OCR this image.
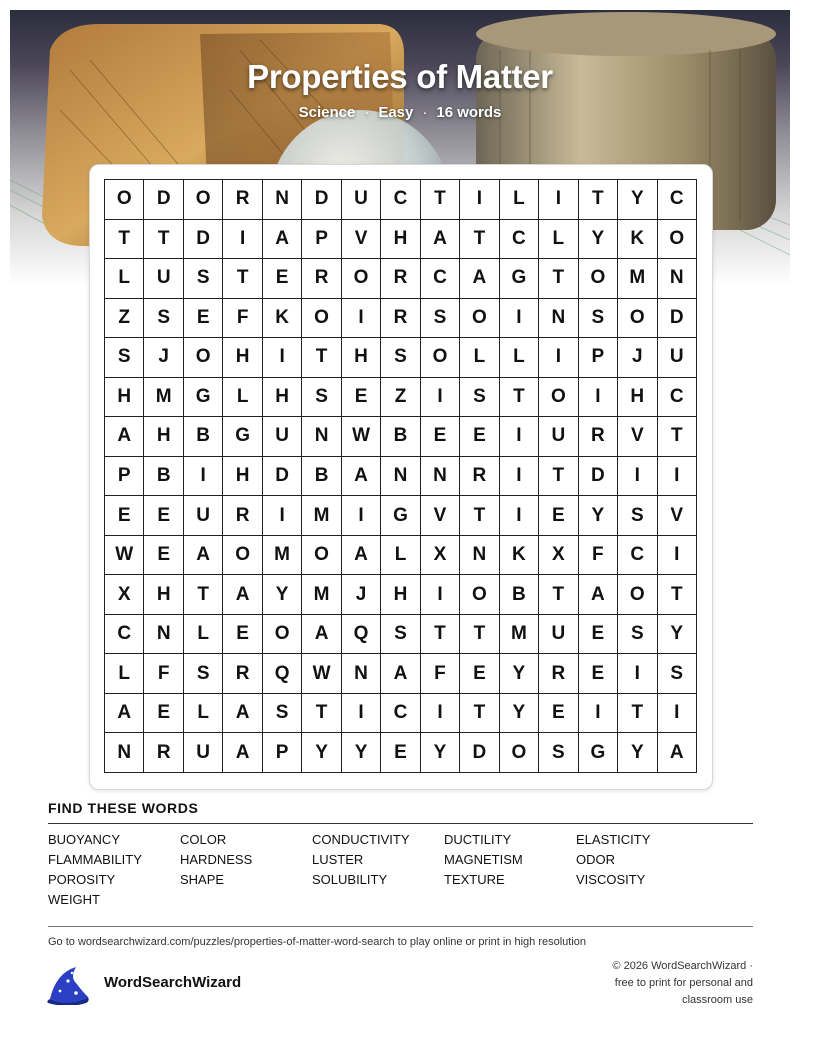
Properties of Matter
Science · Easy · 16 words
O	D	O	R	N	D	U	C	T	I	L	I	T	Y	C
T	T	D	I	A	P	V	H	A	T	C	L	Y	K	O
L	U	S	T	E	R	O	R	C	A	G	T	O	M	N
Z	S	E	F	K	O	I	R	S	O	I	N	S	O	D
S	J	O	H	I	T	H	S	O	L	L	I	P	J	U
H	M	G	L	H	S	E	Z	I	S	T	O	I	H	C
A	H	B	G	U	N	W	B	E	E	I	U	R	V	T
P	B	I	H	D	B	A	N	N	R	I	T	D	I	I
E	E	U	R	I	M	I	G	V	T	I	E	Y	S	V
W	E	A	O	M	O	A	L	X	N	K	X	F	C	I
X	H	T	A	Y	M	J	H	I	O	B	T	A	O	T
C	N	L	E	O	A	Q	S	T	T	M	U	E	S	Y
L	F	S	R	Q	W	N	A	F	E	Y	R	E	I	S
A	E	L	A	S	T	I	C	I	T	Y	E	I	T	I
N	R	U	A	P	Y	Y	E	Y	D	O	S	G	Y	A
FIND THESE WORDS
BUOYANCY	COLOR	CONDUCTIVITY	DUCTILITY	ELASTICITY
FLAMMABILITY	HARDNESS	LUSTER	MAGNETISM	ODOR
POROSITY	SHAPE	SOLUBILITY	TEXTURE	VISCOSITY
WEIGHT
Go to wordsearchwizard.com/puzzles/properties-of-matter-word-search to play online or print in high resolution
WordSearchWizard
© 2026 WordSearchWizard ·
free to print for personal and
classroom use
